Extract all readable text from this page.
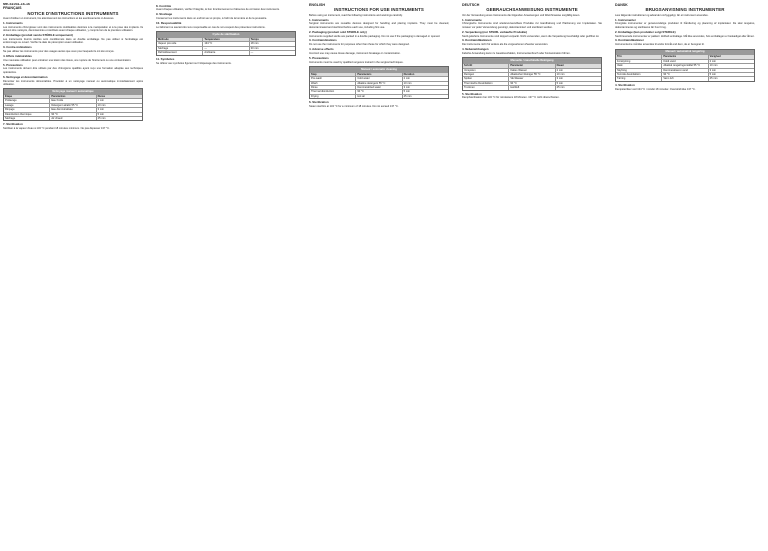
ME-61031-16-16
FRANÇAIS
NOTICE D'INSTRUCTIONS INSTRUMENTS

Avant d'utiliser un instrument, lire attentivement les instructions et les avertissements ci-dessous.

1. Instruments

Les instruments chirurgicaux sont des instruments réutilisables destinés à la manipulation et à la pose des implants. Ils doivent être nettoyés, décontaminés et stérilisés avant chaque utilisation, y compris lors de la première utilisation.

2. Emballage (produit vendu STÉRILE uniquement)

Les instruments fournis stériles sont conditionnés dans un double emballage. Ne pas utiliser si l'emballage est endommagé ou ouvert. Vérifier la date de péremption avant utilisation.

3. Contre-indications

Ne pas utiliser les instruments pour des usages autres que ceux pour lesquels ils ont été conçus.

4. Effets indésirables

Une mauvaise utilisation peut entraîner une lésion des tissus, une rupture de l'instrument ou une contamination.

5. Précautions

Les instruments doivent être utilisés par des chirurgiens qualifiés ayant reçu une formation adaptée aux techniques opératoires.

6. Nettoyage et décontamination

Démonter les instruments démontables. Procéder à un nettoyage manuel ou automatique immédiatement après utilisation.

Nettoyage manuel / automatique
Étape	Paramètres	Durée
Prélavage	Eau froide	2 min
Lavage	Détergent alcalin 55 °C	10 min
Rinçage	Eau déminéralisée	3 min
Désinfection thermique	90 °C	5 min
Séchage	Air chaud	25 min
7. Stérilisation

Stériliser à la vapeur d'eau à 134 °C pendant 18 minutes minimum. Ne pas dépasser 137 °C.

8. Contrôle

Avant chaque utilisation, vérifier l'intégrité, le bon fonctionnement et l'absence de corrosion des instruments.

9. Stockage

Conserver les instruments dans un endroit sec et propre, à l'abri de la lumière et de la poussière.

10. Responsabilité

Le fabricant ne saurait être tenu responsable en cas de non-respect des présentes instructions.

Cycle de stérilisation
Méthode	Température	Temps
Vapeur pré-vide	134 °C	18 min
Séchage	—	30 min
Refroidissement	Ambiante	—
11. Symboles

Se référer aux symboles figurant sur l'étiquetage des instruments.

ENGLISH
INSTRUCTIONS FOR USE INSTRUMENTS

Before using an instrument, read the following instructions and warnings carefully.

1. Instruments

Surgical instruments are reusable devices designed for handling and placing implants. They must be cleaned, decontaminated and sterilized before each use, including first use.

2. Packaging (product sold STERILE only)

Instruments supplied sterile are packed in a double packaging. Do not use if the packaging is damaged or opened.

3. Contraindications

Do not use the instruments for purposes other than those for which they were designed.

4. Adverse effects

Incorrect use may cause tissue damage, instrument breakage or contamination.

5. Precautions

Instruments must be used by qualified surgeons trained in the surgical techniques.

Manual / automatic cleaning
Step	Parameters	Duration
Pre-wash	Cold water	2 min
Wash	Alkaline detergent 55 °C	10 min
Rinse	Demineralized water	3 min
Thermal disinfection	90 °C	5 min
Drying	Hot air	25 min
6. Sterilization

Steam sterilize at 134 °C for a minimum of 18 minutes. Do not exceed 137 °C.

DEUTSCH
GEBRAUCHSANWEISUNG INSTRUMENTE

Vor der Verwendung eines Instruments die folgenden Anweisungen und Warnhinweise sorgfältig lesen.

1. Instrumente

Chirurgische Instrumente sind wiederverwendbare Produkte zur Handhabung und Platzierung von Implantaten. Sie müssen vor jeder Verwendung gereinigt, dekontaminiert und sterilisiert werden.

2. Verpackung (nur STERIL verkaufte Produkte)

Steril gelieferte Instrumente sind doppelt verpackt. Nicht verwenden, wenn die Verpackung beschädigt oder geöffnet ist.

3. Kontraindikationen

Die Instrumente nicht für andere als die vorgesehenen Zwecke verwenden.

4. Nebenwirkungen

Falsche Anwendung kann zu Gewebeschäden, Instrumentenbruch oder Kontamination führen.

Manuelle / maschinelle Reinigung
Schritt	Parameter	Dauer
Vorspülen	Kaltes Wasser	2 min
Reinigen	Alkalischer Reiniger 55 °C	10 min
Spülen	VE-Wasser	3 min
Thermische Desinfektion	90 °C	5 min
Trocknen	Heißluft	25 min
5. Sterilisation

Dampfsterilisation bei 134 °C für mindestens 18 Minuten. 137 °C nicht überschreiten.

DANSK
BRUGSANVISNING INSTRUMENTER

Læs følgende instruktioner og advarsler omhyggeligt, før et instrument anvendes.

1. Instrumenter

Kirurgiske instrumenter er genanvendelige produkter til håndtering og placering af implantater. De skal rengøres, dekontamineres og steriliseres før hver brug.

2. Emballage (kun produkter solgt STERILE)

Sterilt leverede instrumenter er pakket i dobbelt emballage. Må ikke anvendes, hvis emballagen er beskadiget eller åbnet.

3. Kontraindikationer

Instrumenterne må ikke anvendes til andre formål end dem, de er beregnet til.

Manuel / automatisk rengøring
Trin	Parametre	Varighed
Forskylning	Koldt vand	2 min
Vask	Alkalisk rengøringsmiddel 55 °C	10 min
Skylning	Demineraliseret vand	3 min
Termisk desinfektion	90 °C	5 min
Tørring	Varm luft	25 min
4. Sterilisation

Dampsteriliser ved 134 °C i mindst 18 minutter. Overskrid ikke 137 °C.
